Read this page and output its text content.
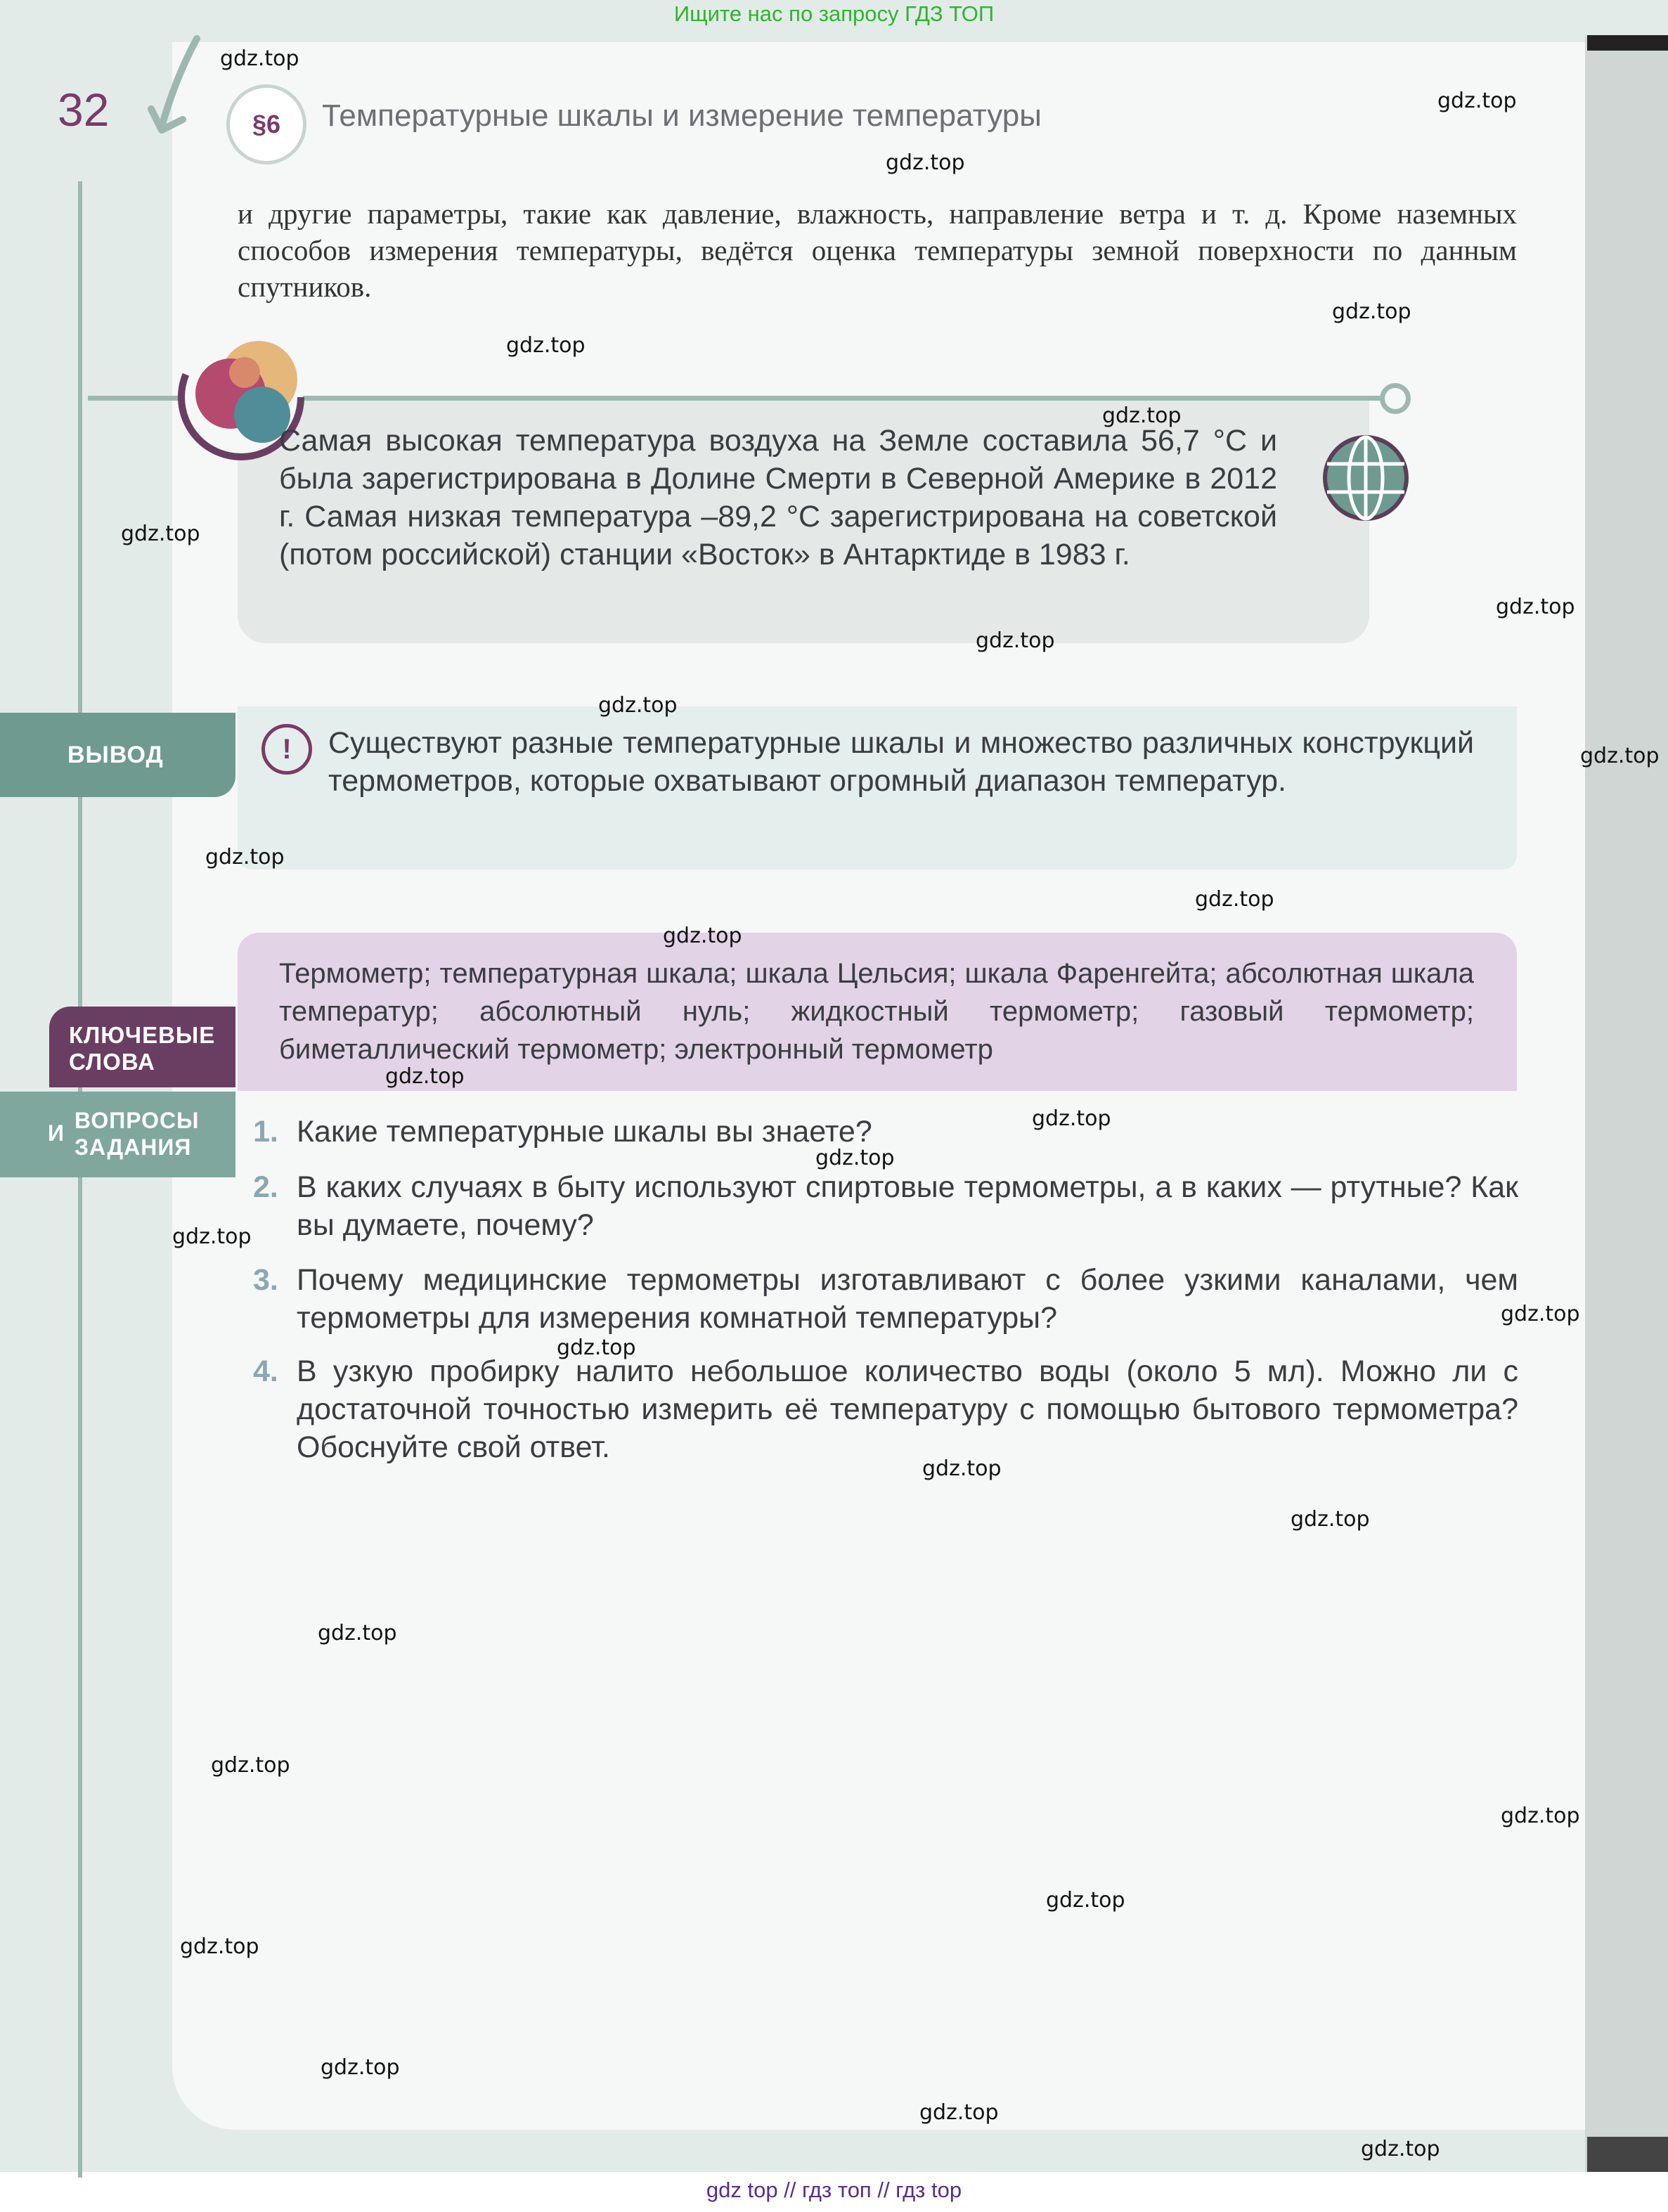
Ищите нас по запросу ГДЗ ТОП
32	§6	Температурные шкалы и измерение температуры
и другие параметры, такие как давление, влажность, направление ветра и т. д. Кроме наземных способов измерения температуры, ведётся оценка температуры земной поверхности по данным спутников.
Самая высокая температура воздуха на Земле составила 56,7 °С и была зарегистрирована в Долине Смерти в Северной Америке в 2012 г. Самая низкая температура –89,2 °С зарегистрирована на советской (потом российской) станции «Восток» в Антарктиде в 1983 г.
ВЫВОД	!	Существуют разные температурные шкалы и множество различных конструкций термометров, которые охватывают огромный диапазон температур.
КЛЮЧЕВЫЕ
СЛОВА
Термометр; температурная шкала; шкала Цельсия; шкала Фаренгейта; абсолютная шкала температур; абсолютный нуль; жидкостный термометр; газовый термометр; биметаллический термометр; электронный термометр
И ВОПРОСЫ
ЗАДАНИЯ	1. Какие температурные шкалы вы знаете?
2. В каких случаях в быту используют спиртовые термометры, а в каких — ртутные? Как вы думаете, почему?
3. Почему медицинские термометры изготавливают с более узкими каналами, чем термометры для измерения комнатной температуры?
4. В узкую пробирку налито небольшое количество воды (около 5 мл). Можно ли с достаточной точностью измерить её температуру с помощью бытового термометра? Обоснуйте свой ответ.
gdz.top
gdz.top
gdz.top
gdz.top
gdz.top
gdz.top
gdz.top
gdz.top
gdz.top
gdz.top
gdz.top
gdz.top
gdz.top
gdz.top
gdz.top
gdz.top
gdz.top
gdz.top
gdz.top
gdz.top
gdz.top
gdz.top
gdz.top
gdz.top
gdz.top
gdz.top
gdz.top
gdz.top
gdz.top
gdz.top
gdz top // гдз топ // гдз top
